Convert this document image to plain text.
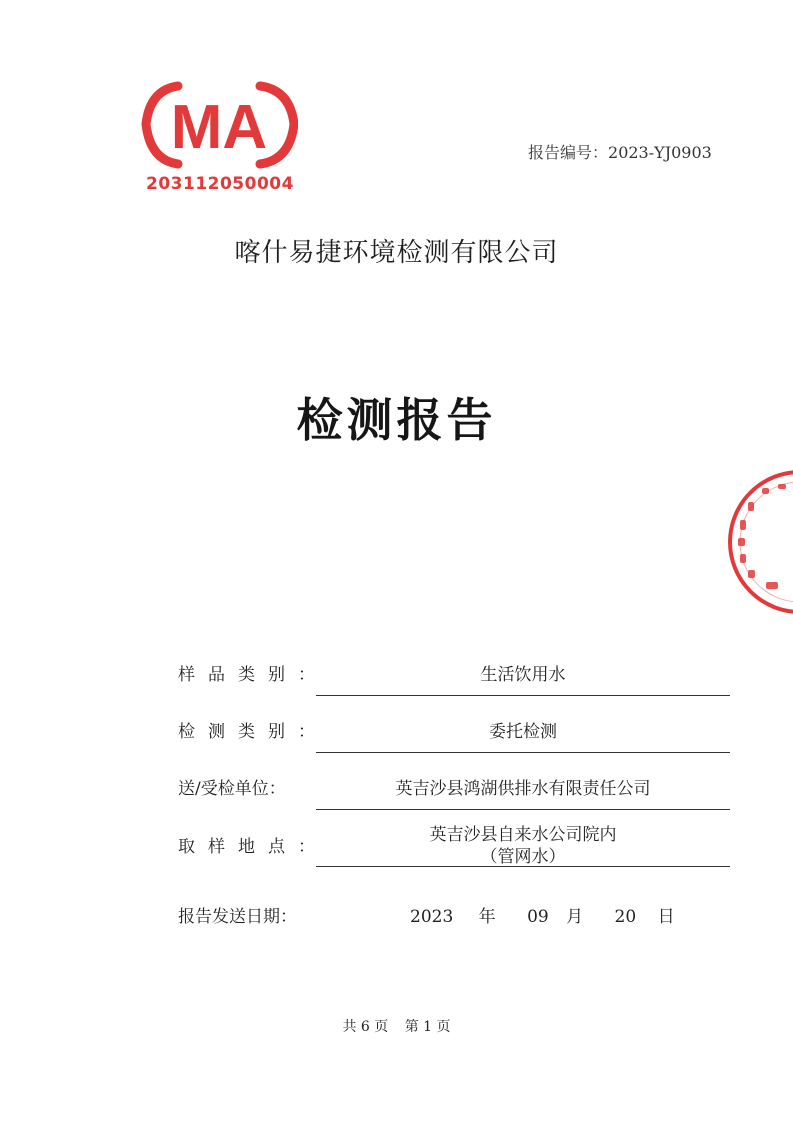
MA
203112050004
报告编号：2023-YJ0903
喀什易捷环境检测有限公司
检测报告
样品类别：	生活饮用水
检测类别：	委托检测
送/受检单位：	英吉沙县鸿湖供排水有限责任公司
取样地点：
英吉沙县自来水公司院内
（管网水）
报告发送日期：	2023 年 09 月 20 日
共 6 页 第 1 页
